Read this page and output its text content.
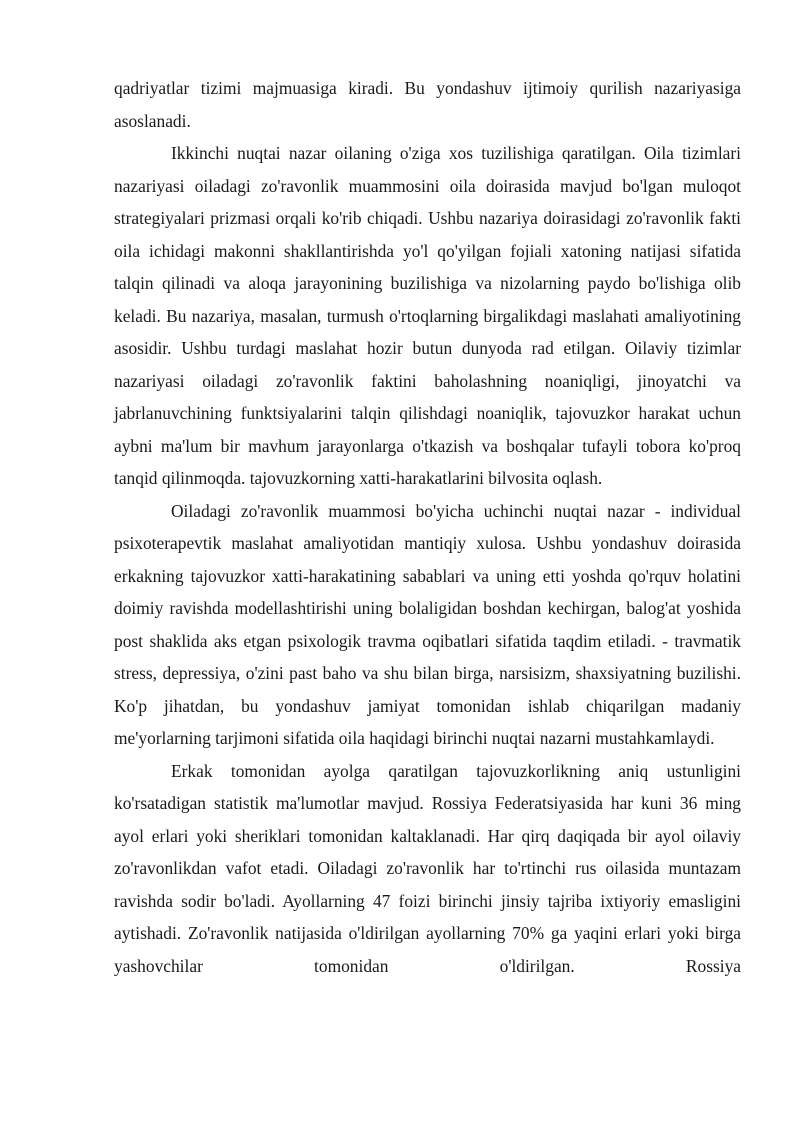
qadriyatlar tizimi majmuasiga kiradi. Bu yondashuv ijtimoiy qurilish nazariyasiga asoslanadi.

Ikkinchi nuqtai nazar oilaning o'ziga xos tuzilishiga qaratilgan. Oila tizimlari nazariyasi oiladagi zo'ravonlik muammosini oila doirasida mavjud bo'lgan muloqot strategiyalari prizmasi orqali ko'rib chiqadi. Ushbu nazariya doirasidagi zo'ravonlik fakti oila ichidagi makonni shakllantirishda yo'l qo'yilgan fojiali xatoning natijasi sifatida talqin qilinadi va aloqa jarayonining buzilishiga va nizolarning paydo bo'lishiga olib keladi. Bu nazariya, masalan, turmush o'rtoqlarning birgalikdagi maslahati amaliyotining asosidir. Ushbu turdagi maslahat hozir butun dunyoda rad etilgan. Oilaviy tizimlar nazariyasi oiladagi zo'ravonlik faktini baholashning noaniqligi, jinoyatchi va jabrlanuvchining funktsiyalarini talqin qilishdagi noaniqlik, tajovuzkor harakat uchun aybni ma'lum bir mavhum jarayonlarga o'tkazish va boshqalar tufayli tobora ko'proq tanqid qilinmoqda. tajovuzkorning xatti-harakatlarini bilvosita oqlash.

Oiladagi zo'ravonlik muammosi bo'yicha uchinchi nuqtai nazar - individual psixoterapevtik maslahat amaliyotidan mantiqiy xulosa. Ushbu yondashuv doirasida erkakning tajovuzkor xatti-harakatining sabablari va uning etti yoshda qo'rquv holatini doimiy ravishda modellashtirishi uning bolaligidan boshdan kechirgan, balog'at yoshida post shaklida aks etgan psixologik travma oqibatlari sifatida taqdim etiladi. - travmatik stress, depressiya, o'zini past baho va shu bilan birga, narsisizm, shaxsiyatning buzilishi. Ko'p jihatdan, bu yondashuv jamiyat tomonidan ishlab chiqarilgan madaniy me'yorlarning tarjimoni sifatida oila haqidagi birinchi nuqtai nazarni mustahkamlaydi.

Erkak tomonidan ayolga qaratilgan tajovuzkorlikning aniq ustunligini ko'rsatadigan statistik ma'lumotlar mavjud. Rossiya Federatsiyasida har kuni 36 ming ayol erlari yoki sheriklari tomonidan kaltaklanadi. Har qirq daqiqada bir ayol oilaviy zo'ravonlikdan vafot etadi. Oiladagi zo'ravonlik har to'rtinchi rus oilasida muntazam ravishda sodir bo'ladi. Ayollarning 47 foizi birinchi jinsiy tajriba ixtiyoriy emasligini aytishadi. Zo'ravonlik natijasida o'ldirilgan ayollarning 70% ga yaqini erlari yoki birga yashovchilar tomonidan o'ldirilgan. Rossiya
